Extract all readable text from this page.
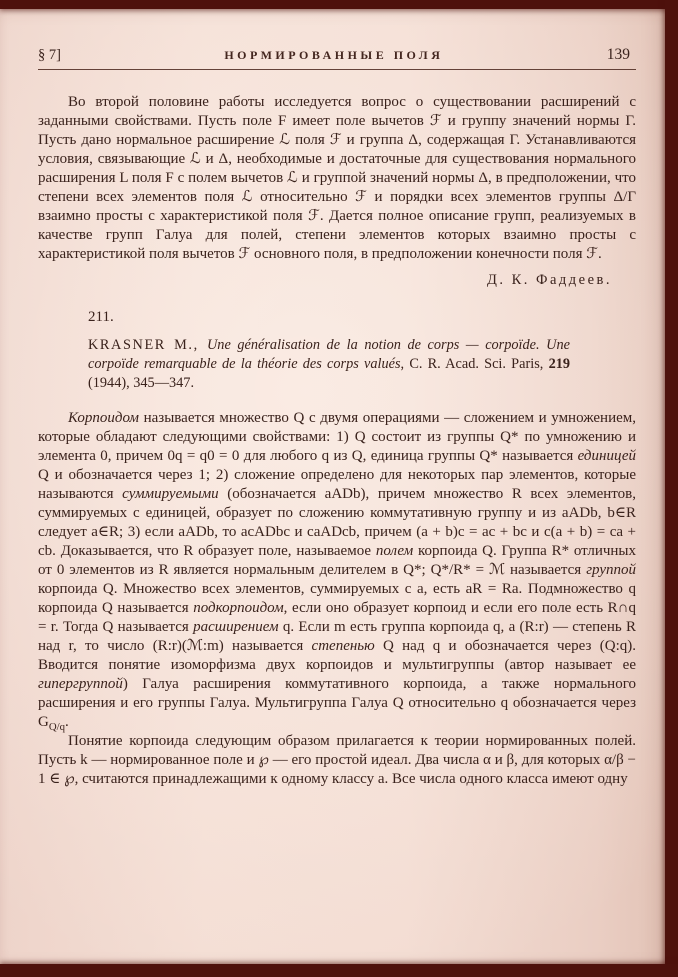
§ 7]	НОРМИРОВАННЫЕ ПОЛЯ	139

Во второй половине работы исследуется вопрос о существовании расширений с заданными свойствами. Пусть поле F имеет поле вычетов ℱ и группу значений нормы Γ. Пусть дано нормальное расширение ℒ поля ℱ и группа Δ, содержащая Γ. Устанавливаются условия, связывающие ℒ и Δ, необходимые и достаточные для существования нормального расширения L поля F с полем вычетов ℒ и группой значений нормы Δ, в предположении, что степени всех элементов поля ℒ относительно ℱ и порядки всех элементов группы Δ/Γ взаимно просты с характеристикой поля ℱ. Дается полное описание групп, реализуемых в качестве групп Галуа для полей, степени элементов которых взаимно просты с характеристикой поля вычетов ℱ основного поля, в предположении конечности поля ℱ.

Д. К. Фаддеев.

211.

KRASNER M., Une généralisation de la notion de corps — corpoïde. Une corpoïde remarquable de la théorie des corps valués, C. R. Acad. Sci. Paris, 219 (1944), 345—347.

Корпоидом называется множество Q с двумя операциями — сложением и умножением, которые обладают следующими свойствами: 1) Q состоит из группы Q* по умножению и элемента 0, причем 0q = q0 = 0 для любого q из Q, единица группы Q* называется единицей Q и обозначается через 1; 2) сложение определено для некоторых пар элементов, которые называются суммируемыми (обозначается aADb), причем множество R всех элементов, суммируемых с единицей, образует по сложению коммутативную группу и из aADb, b∈R следует a∈R; 3) если aADb, то acADbc и caADcb, причем (a + b)c = ac + bc и c(a + b) = ca + cb. Доказывается, что R образует поле, называемое полем корпоида Q. Группа R* отличных от 0 элементов из R является нормальным делителем в Q*; Q*/R* = ℳ называется группой корпоида Q. Множество всех элементов, суммируемых с a, есть aR = Ra. Подмножество q корпоида Q называется подкорпоидом, если оно образует корпоид и если его поле есть R∩q = r. Тогда Q называется расширением q. Если m есть группа корпоида q, а (R:r) — степень R над r, то число (R:r)(ℳ:m) называется степенью Q над q и обозначается через (Q:q). Вводится понятие изоморфизма двух корпоидов и мультигруппы (автор называет ее гипергруппой) Галуа расширения коммутативного корпоида, а также нормального расширения и его группы Галуа. Мультигруппа Галуа Q относительно q обозначается через $G_{Q/q}$.

Понятие корпоида следующим образом прилагается к теории нормированных полей. Пусть k — нормированное поле и ℘ — его простой идеал. Два числа α и β, для которых α/β − 1 ∈ ℘, считаются принадлежащими к одному классу a. Все числа одного класса имеют одну
